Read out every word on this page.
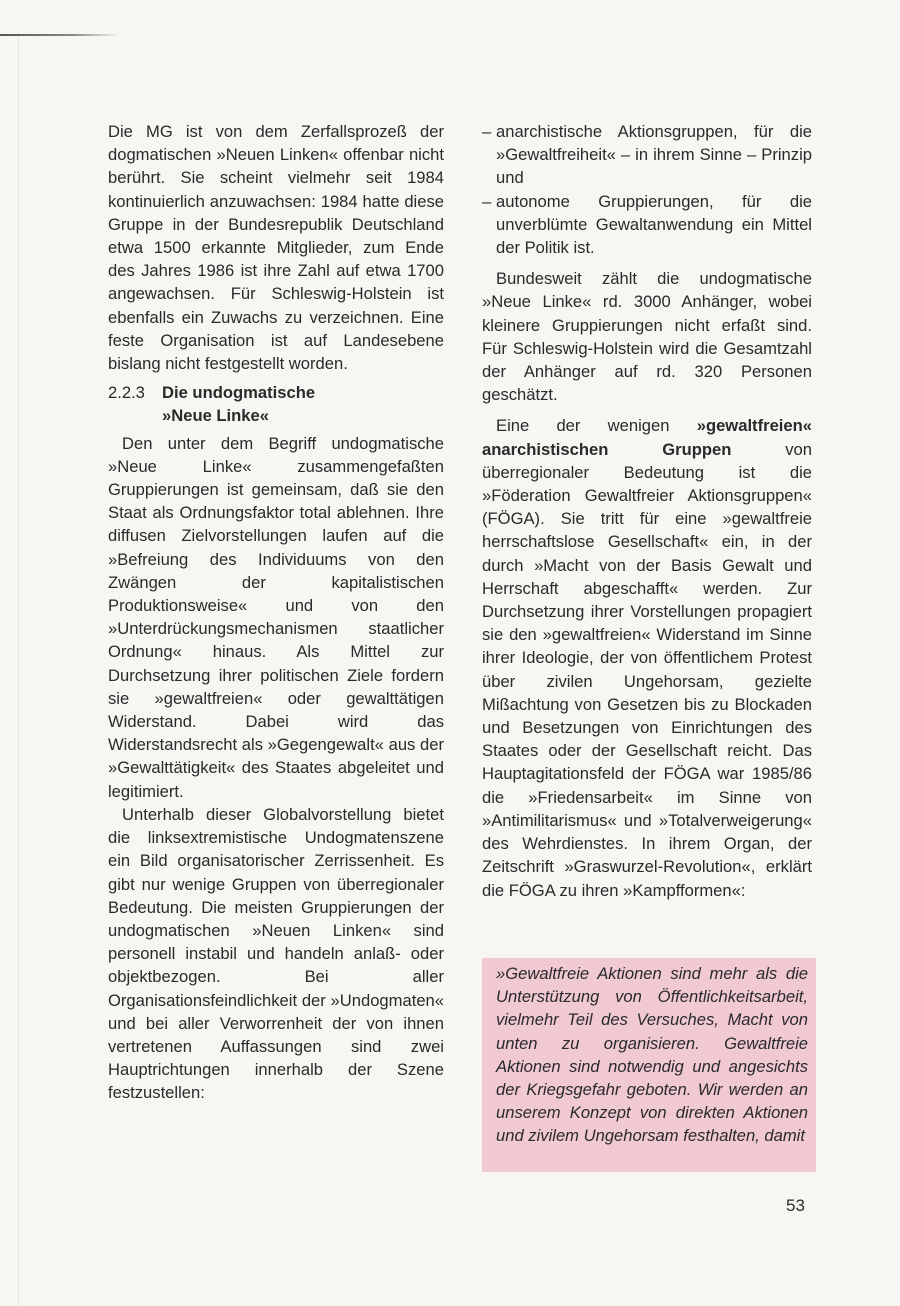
Die MG ist von dem Zerfallsprozeß der dogmatischen »Neuen Linken« offenbar nicht berührt. Sie scheint vielmehr seit 1984 kontinuierlich anzuwachsen: 1984 hatte diese Gruppe in der Bundesrepublik Deutschland etwa 1500 erkannte Mitglieder, zum Ende des Jahres 1986 ist ihre Zahl auf etwa 1700 angewachsen. Für Schleswig-Holstein ist ebenfalls ein Zuwachs zu verzeichnen. Eine feste Organisation ist auf Landesebene bislang nicht festgestellt worden.

2.2.3	Die undogmatische
»Neue Linke«

Den unter dem Begriff undogmatische »Neue Linke« zusammengefaßten Gruppierungen ist gemeinsam, daß sie den Staat als Ordnungsfaktor total ablehnen. Ihre diffusen Zielvorstellungen laufen auf die »Befreiung des Individuums von den Zwängen der kapitalistischen Produktionsweise« und von den »Unterdrückungsmechanismen staatlicher Ordnung« hinaus. Als Mittel zur Durchsetzung ihrer politischen Ziele fordern sie »gewaltfreien« oder gewalttätigen Widerstand. Dabei wird das Widerstandsrecht als »Gegengewalt« aus der »Gewalttätigkeit« des Staates abgeleitet und legitimiert.

Unterhalb dieser Globalvorstellung bietet die linksextremistische Undogmatenszene ein Bild organisatorischer Zerrissenheit. Es gibt nur wenige Gruppen von überregionaler Bedeutung. Die meisten Gruppierungen der undogmatischen »Neuen Linken« sind personell instabil und handeln anlaß- oder objektbezogen. Bei aller Organisationsfeindlichkeit der »Undogmaten« und bei aller Verworrenheit der von ihnen vertretenen Auffassungen sind zwei Hauptrichtungen innerhalb der Szene festzustellen:

– anarchistische Aktionsgruppen, für die »Gewaltfreiheit« – in ihrem Sinne – Prinzip und
– autonome Gruppierungen, für die unverblümte Gewaltanwendung ein Mittel der Politik ist.

Bundesweit zählt die undogmatische »Neue Linke« rd. 3000 Anhänger, wobei kleinere Gruppierungen nicht erfaßt sind. Für Schleswig-Holstein wird die Gesamtzahl der Anhänger auf rd. 320 Personen geschätzt.

Eine der wenigen »gewaltfreien« anarchistischen Gruppen von überregionaler Bedeutung ist die »Föderation Gewaltfreier Aktionsgruppen« (FÖGA). Sie tritt für eine »gewaltfreie herrschaftslose Gesellschaft« ein, in der durch »Macht von der Basis Gewalt und Herrschaft abgeschafft« werden. Zur Durchsetzung ihrer Vorstellungen propagiert sie den »gewaltfreien« Widerstand im Sinne ihrer Ideologie, der von öffentlichem Protest über zivilen Ungehorsam, gezielte Mißachtung von Gesetzen bis zu Blockaden und Besetzungen von Einrichtungen des Staates oder der Gesellschaft reicht. Das Hauptagitationsfeld der FÖGA war 1985/86 die »Friedensarbeit« im Sinne von »Antimilitarismus« und »Totalverweigerung« des Wehrdienstes. In ihrem Organ, der Zeitschrift »Graswurzel-Revolution«, erklärt die FÖGA zu ihren »Kampfformen«:

»Gewaltfreie Aktionen sind mehr als die Unterstützung von Öffentlichkeitsarbeit, vielmehr Teil des Versuches, Macht von unten zu organisieren. Gewaltfreie Aktionen sind notwendig und angesichts der Kriegsgefahr geboten. Wir werden an unserem Konzept von direkten Aktionen und zivilem Ungehorsam festhalten, damit
53
